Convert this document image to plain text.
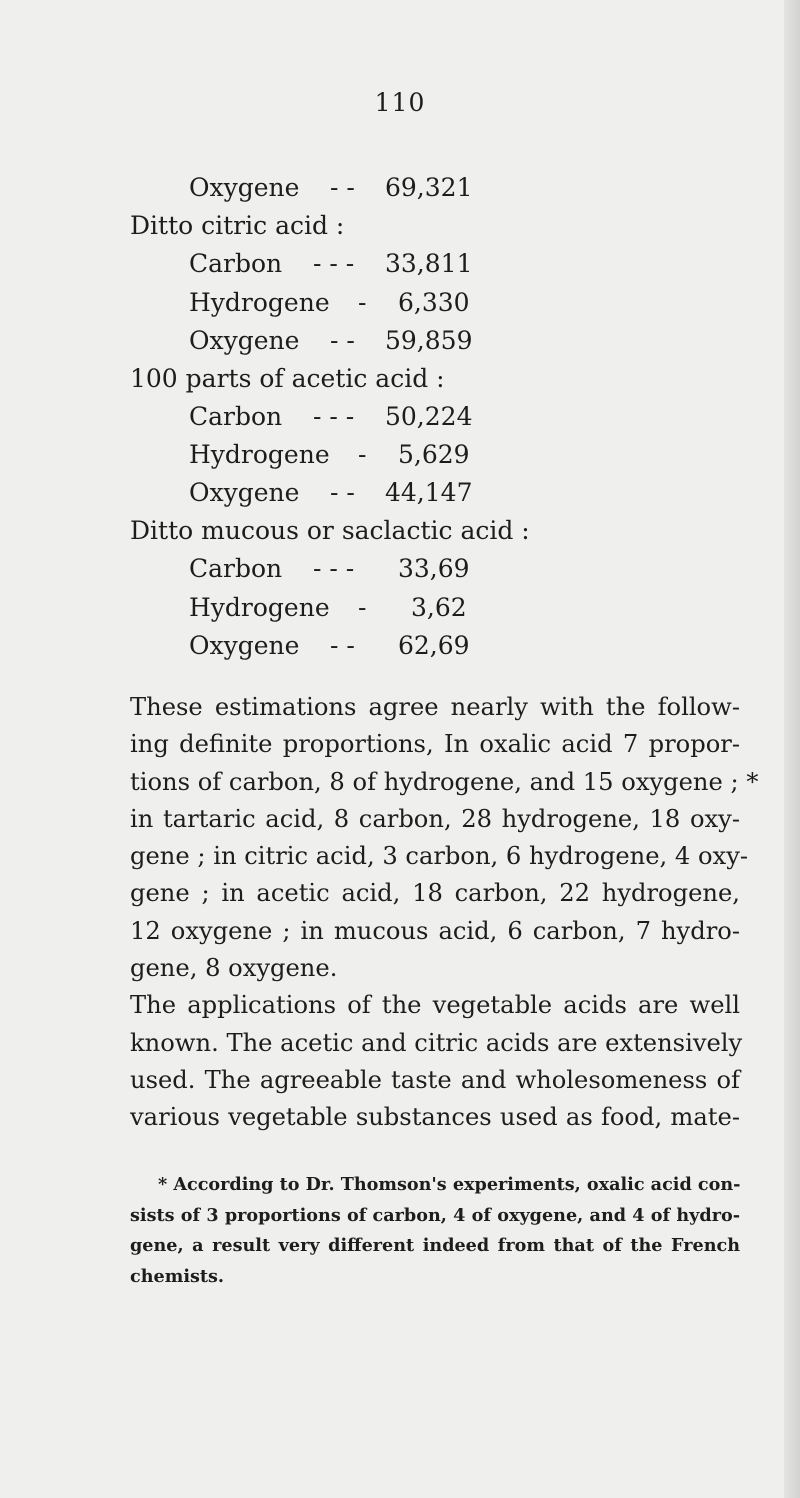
110
Oxygene - - 69,321
Ditto citric acid :
Carbon - - - 33,811
Hydrogene - 6,330
Oxygene - - 59,859
100 parts of acetic acid :
Carbon - - - 50,224
Hydrogene - 5,629
Oxygene - - 44,147
Ditto mucous or saclactic acid :
Carbon - - - 33,69
Hydrogene - 3,62
Oxygene - - 62,69
These estimations agree nearly with the follow-
ing definite proportions, In oxalic acid 7 propor-
tions of carbon, 8 of hydrogene, and 15 oxygene ; *
in tartaric acid, 8 carbon, 28 hydrogene, 18 oxy-
gene ; in citric acid, 3 carbon, 6 hydrogene, 4 oxy-
gene ; in acetic acid, 18 carbon, 22 hydrogene,
12 oxygene ; in mucous acid, 6 carbon, 7 hydro-
gene, 8 oxygene.
The applications of the vegetable acids are well
known. The acetic and citric acids are extensively
used. The agreeable taste and wholesomeness of
various vegetable substances used as food, mate-
* According to Dr. Thomson's experiments, oxalic acid con-
sists of 3 proportions of carbon, 4 of oxygene, and 4 of hydro-
gene, a result very different indeed from that of the French
chemists.
